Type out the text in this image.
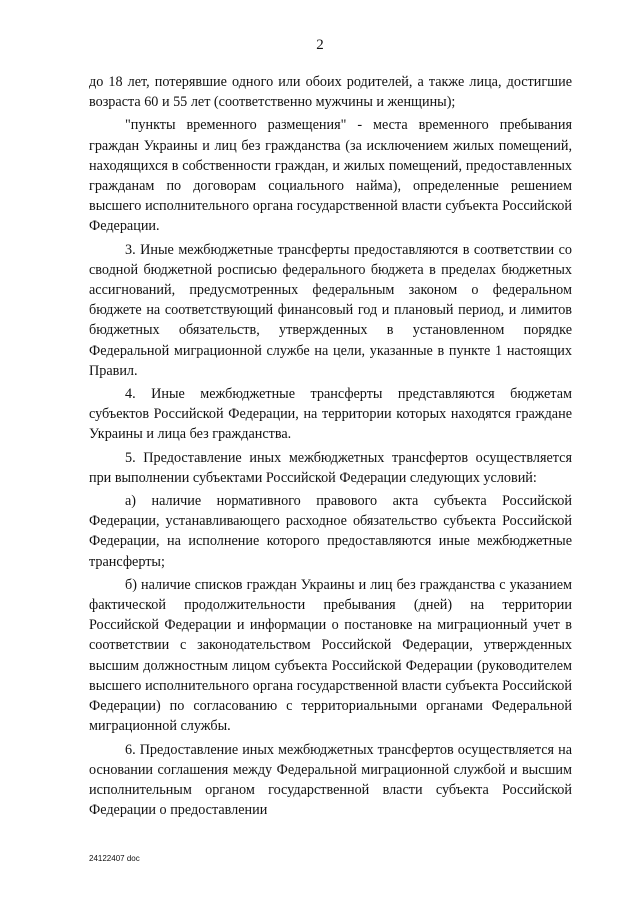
2

до 18 лет, потерявшие одного или обоих родителей, а также лица, достигшие возраста 60 и 55 лет (соответственно мужчины и женщины);

"пункты временного размещения" - места временного пребывания граждан Украины и лиц без гражданства (за исключением жилых помещений, находящихся в собственности граждан, и жилых помещений, предоставленных гражданам по договорам социального найма), определенные решением высшего исполнительного органа государственной власти субъекта Российской Федерации.

3. Иные межбюджетные трансферты предоставляются в соответствии со сводной бюджетной росписью федерального бюджета в пределах бюджетных ассигнований, предусмотренных федеральным законом о федеральном бюджете на соответствующий финансовый год и плановый период, и лимитов бюджетных обязательств, утвержденных в установленном порядке Федеральной миграционной службе на цели, указанные в пункте 1 настоящих Правил.

4. Иные межбюджетные трансферты представляются бюджетам субъектов Российской Федерации, на территории которых находятся граждане Украины и лица без гражданства.

5. Предоставление иных межбюджетных трансфертов осуществляется при выполнении субъектами Российской Федерации следующих условий:

а) наличие нормативного правового акта субъекта Российской Федерации, устанавливающего расходное обязательство субъекта Российской Федерации, на исполнение которого предоставляются иные межбюджетные трансферты;

б) наличие списков граждан Украины и лиц без гражданства с указанием фактической продолжительности пребывания (дней) на территории Российской Федерации и информации о постановке на миграционный учет в соответствии с законодательством Российской Федерации, утвержденных высшим должностным лицом субъекта Российской Федерации (руководителем высшего исполнительного органа государственной власти субъекта Российской Федерации) по согласованию с территориальными органами Федеральной миграционной службы.

6. Предоставление иных межбюджетных трансфертов осуществляется на основании соглашения между Федеральной миграционной службой и высшим исполнительным органом государственной власти субъекта Российской Федерации о предоставлении

24122407 doc
